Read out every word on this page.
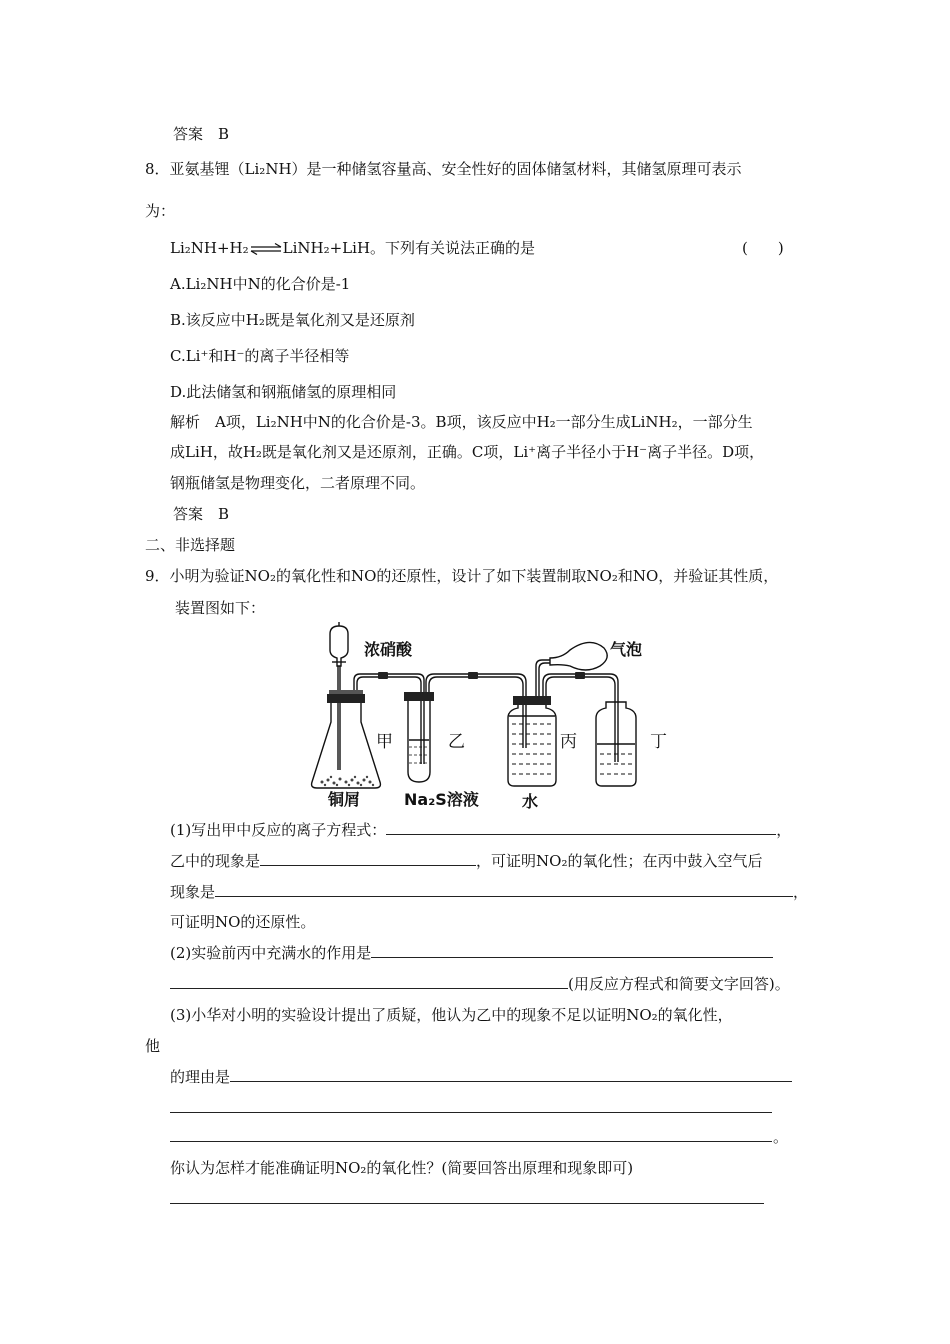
答案　B
8．亚氨基锂（Li₂NH）是一种储氢容量高、安全性好的固体储氢材料，其储氢原理可表示
为：
Li₂NH+H₂⇌LiNH₂+LiH。下列有关说法正确的是	(　　)
A.Li₂NH中N的化合价是-1
B.该反应中H₂既是氧化剂又是还原剂
C.Li⁺和H⁻的离子半径相等
D.此法储氢和钢瓶储氢的原理相同
解析　A项，Li₂NH中N的化合价是-3。B项，该反应中H₂一部分生成LiNH₂，一部分生
成LiH，故H₂既是氧化剂又是还原剂，正确。C项，Li⁺离子半径小于H⁻离子半径。D项，
钢瓶储氢是物理变化，二者原理不同。
答案　B
二、非选择题
9．小明为验证NO₂的氧化性和NO的还原性，设计了如下装置制取NO₂和NO，并验证其性质，
装置图如下：
浓硝酸	气泡
甲	乙	丙	丁
铜屑	Na₂S溶液	水
(1)写出甲中反应的离子方程式：	，
乙中的现象是	，可证明NO₂的氧化性；在丙中鼓入空气后
现象是	，
可证明NO的还原性。
(2)实验前丙中充满水的作用是
(用反应方程式和简要文字回答)。
(3)小华对小明的实验设计提出了质疑，他认为乙中的现象不足以证明NO₂的氧化性，
他
的理由是
。
你认为怎样才能准确证明NO₂的氧化性？(简要回答出原理和现象即可)
